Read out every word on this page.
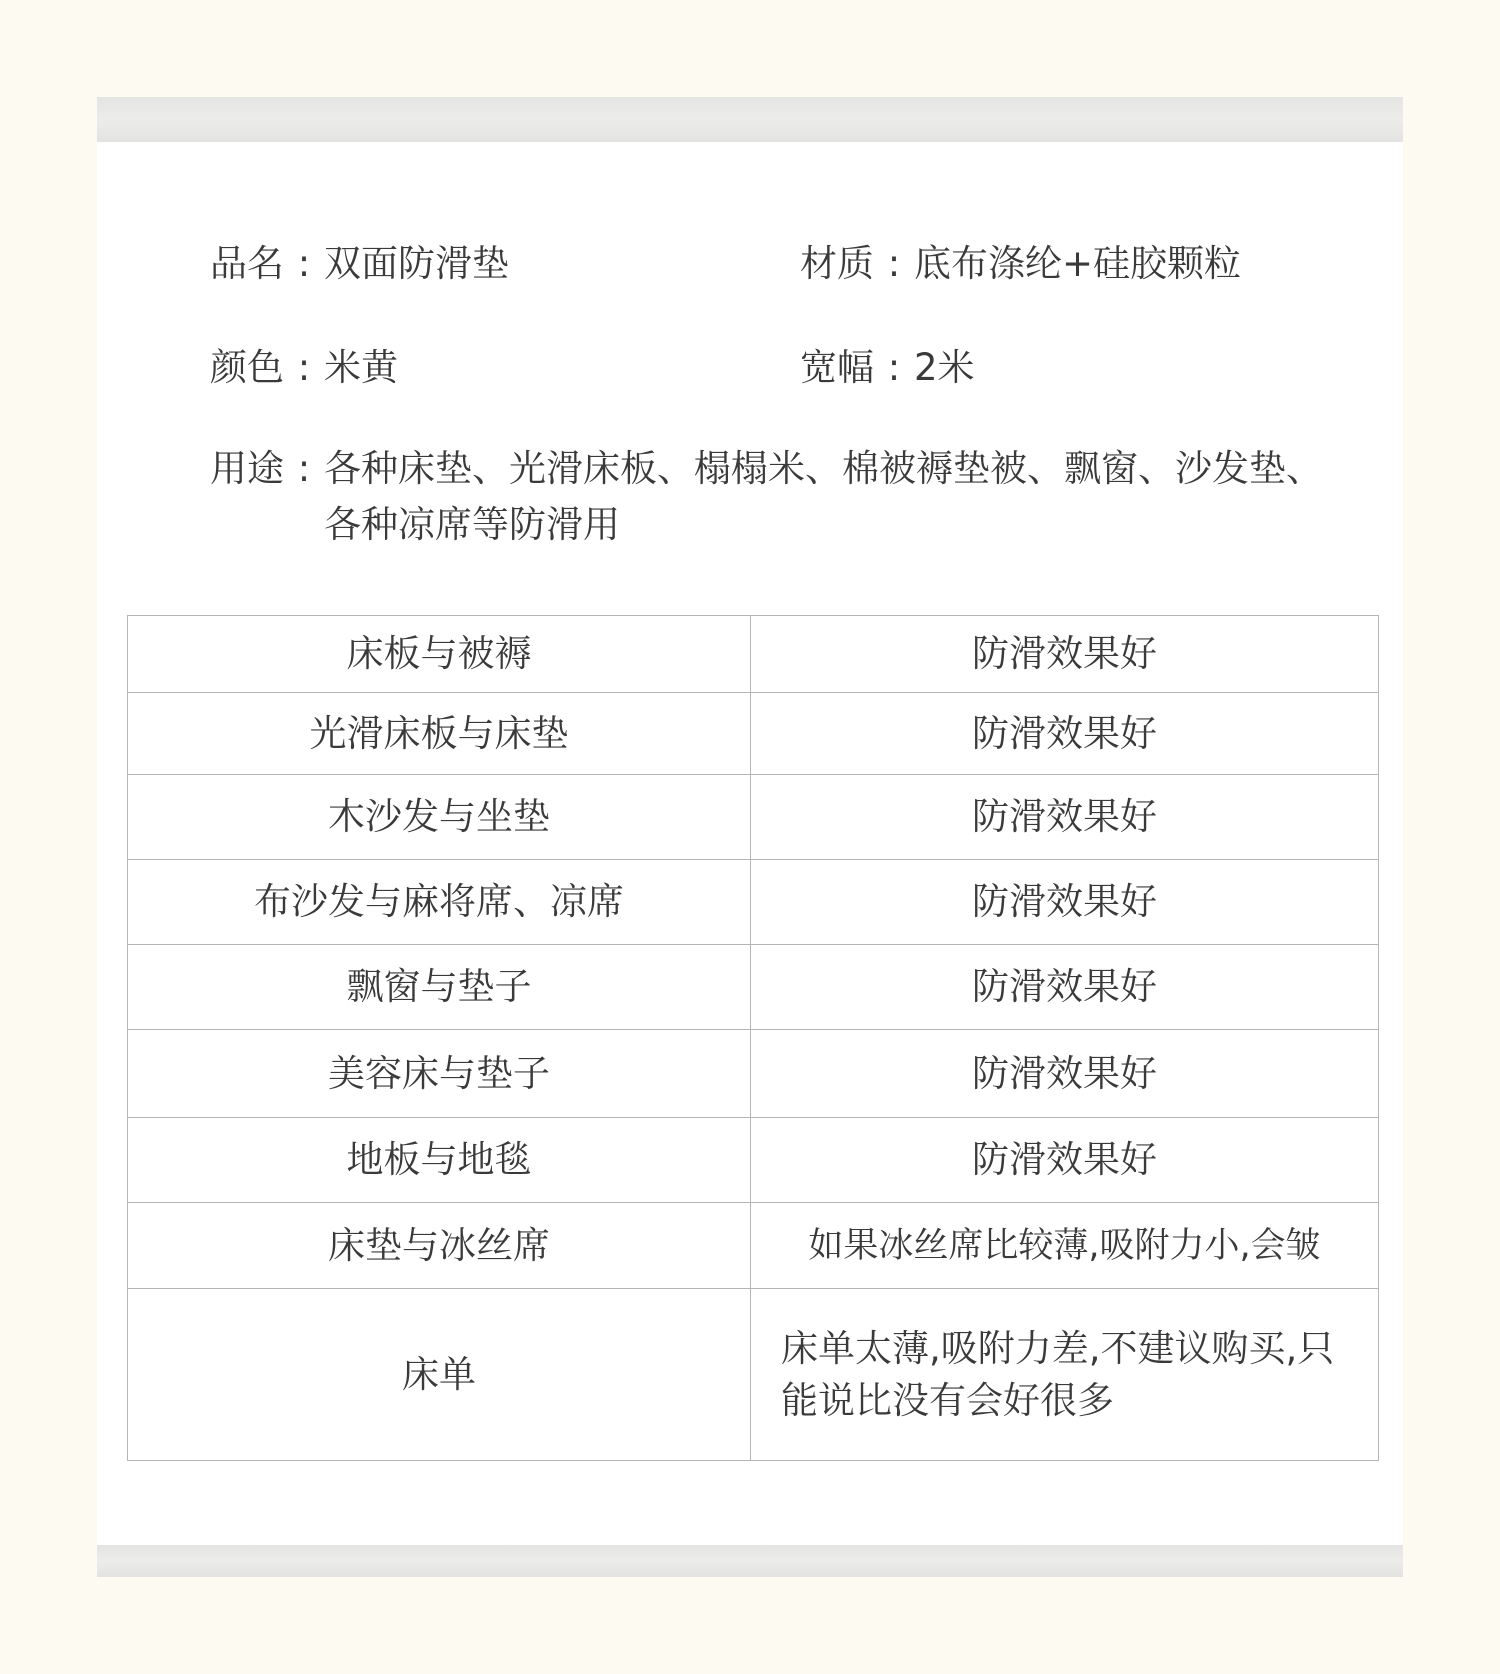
品名 : 双面防滑垫	材质 : 底布涤纶+硅胶颗粒
颜色 : 米黄	宽幅 : 2米
用途 : 各种床垫、光滑床板、榻榻米、棉被褥垫被、飘窗、沙发垫、各种凉席等防滑用
床板与被褥	防滑效果好
光滑床板与床垫	防滑效果好
木沙发与坐垫	防滑效果好
布沙发与麻将席、凉席	防滑效果好
飘窗与垫子	防滑效果好
美容床与垫子	防滑效果好
地板与地毯	防滑效果好
床垫与冰丝席	如果冰丝席比较薄,吸附力小,会皱
床单	床单太薄,吸附力差,不建议购买,只能说比没有会好很多
